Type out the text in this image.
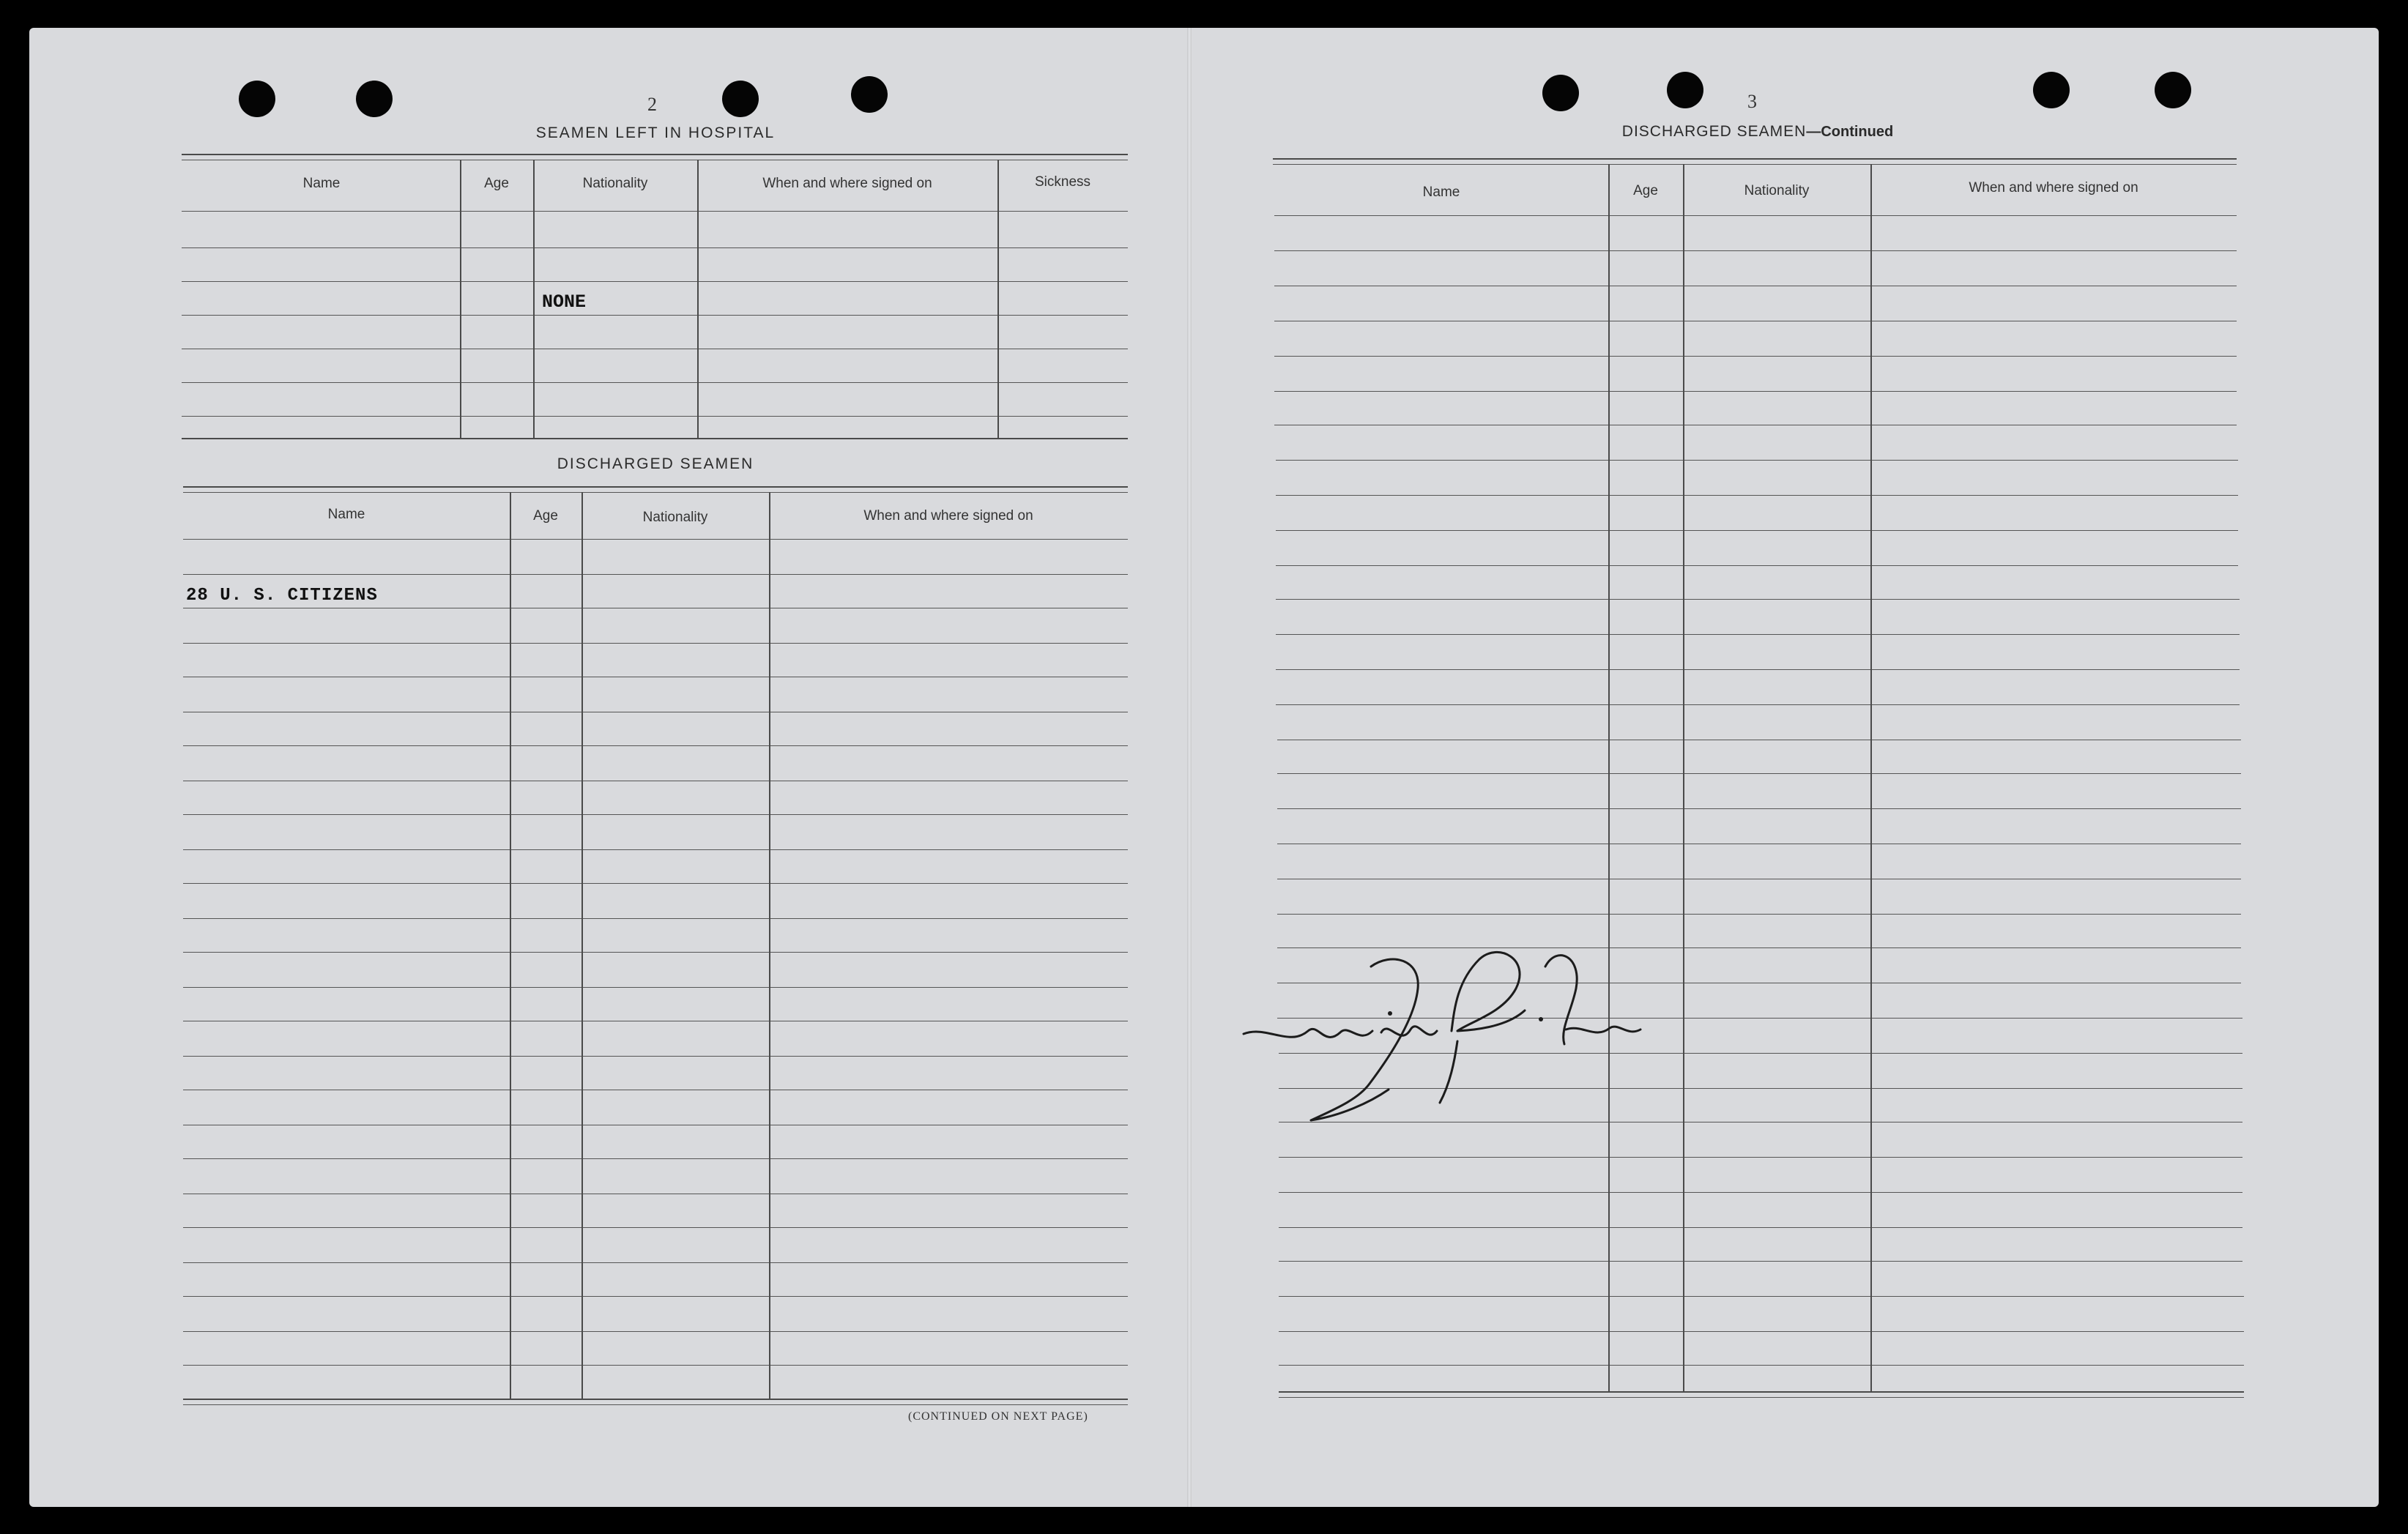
2
SEAMEN LEFT IN HOSPITAL
Name	Age	Nationality	When and where signed on	Sickness
NONE
DISCHARGED SEAMEN
Name	Age	Nationality	When and where signed on
28 U. S. CITIZENS
(CONTINUED ON NEXT PAGE)
3
DISCHARGED SEAMEN—Continued
Name	Age	Nationality	When and where signed on
